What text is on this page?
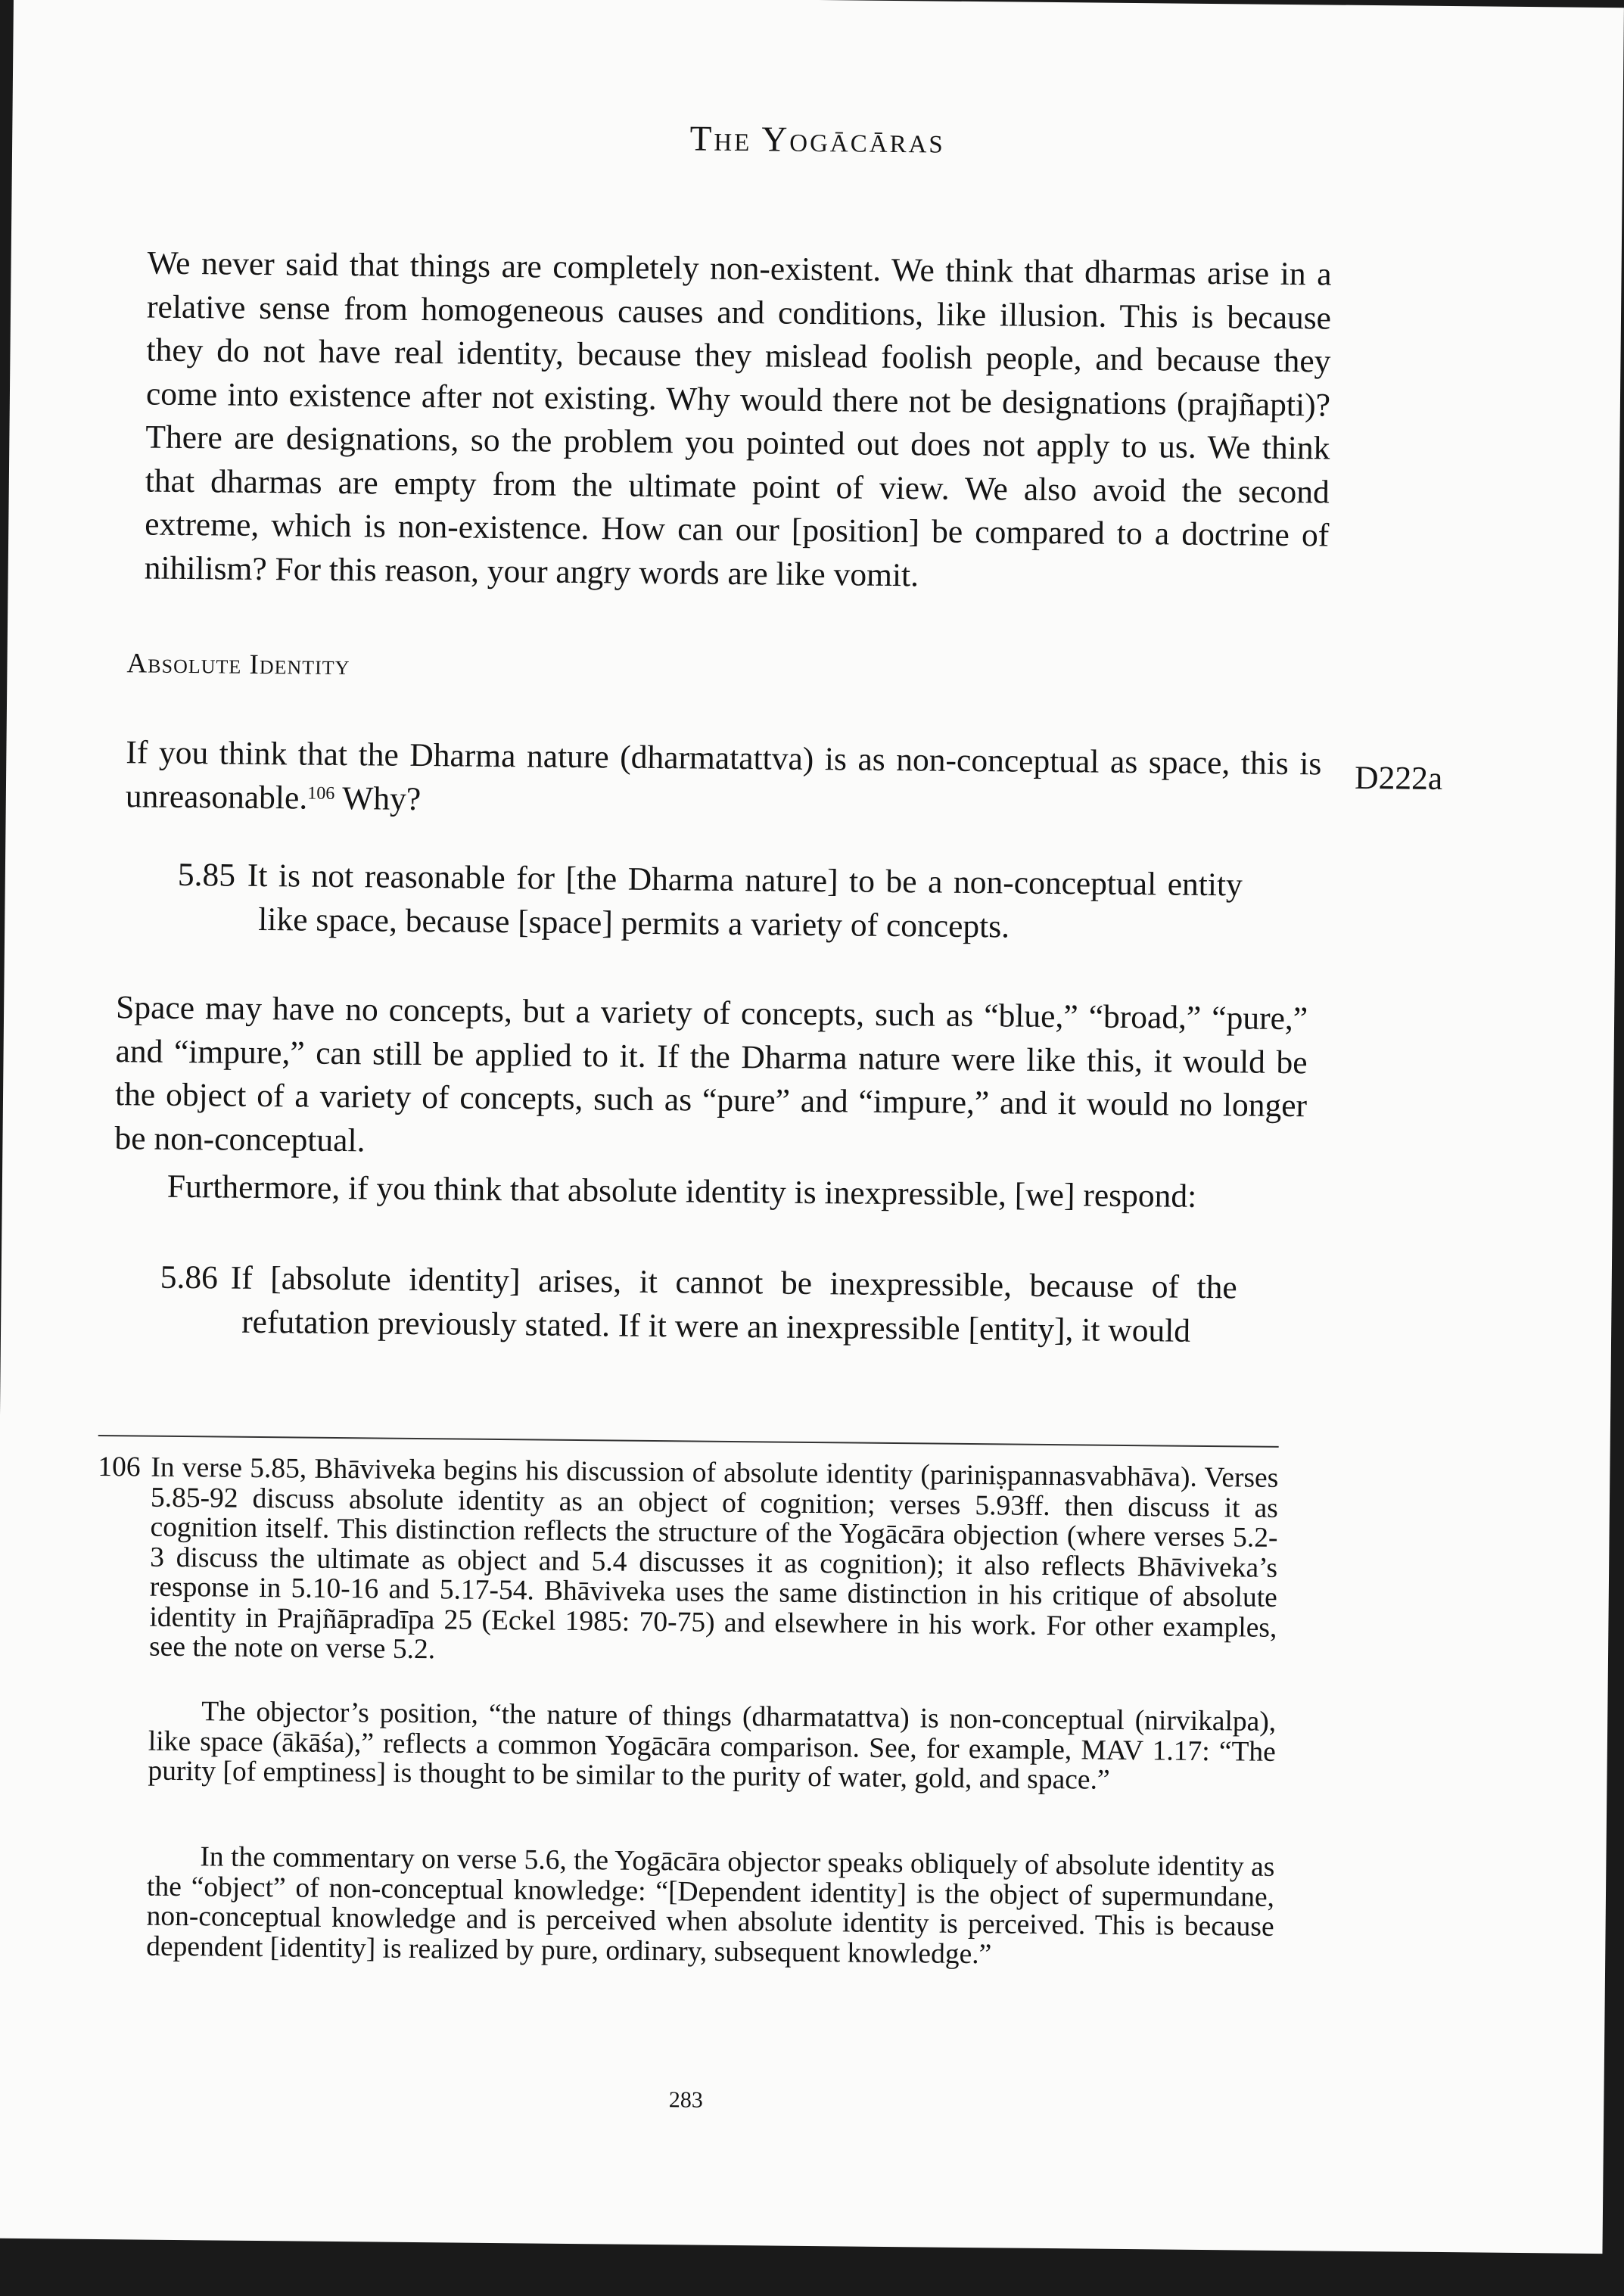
The Yogācāras

We never said that things are completely non-existent. We think that dharmas arise in a relative sense from homogeneous causes and conditions, like illusion. This is because they do not have real identity, because they mislead foolish people, and because they come into existence after not existing. Why would there not be designations (prajñapti)? There are designations, so the problem you pointed out does not apply to us. We think that dharmas are empty from the ultimate point of view. We also avoid the second extreme, which is non-existence. How can our [position] be compared to a doctrine of nihilism? For this reason, your angry words are like vomit.

Absolute Identity

If you think that the Dharma nature (dharmatattva) is as non-conceptual as space, this is unreasonable.$^{106}$ Why?

D222a
5.85 It is not reasonable for [the Dharma nature] to be a non-conceptual entity like space, because [space] permits a variety of concepts.

Space may have no concepts, but a variety of concepts, such as “blue,” “broad,” “pure,” and “impure,” can still be applied to it. If the Dharma nature were like this, it would be the object of a variety of concepts, such as “pure” and “impure,” and it would no longer be non-conceptual.

Furthermore, if you think that absolute identity is inexpressible, [we] respond:

5.86 If [absolute identity] arises, it cannot be inexpressible, because of the refutation previously stated. If it were an inexpressible [entity], it would

106 In verse 5.85, Bhāviveka begins his discussion of absolute identity (pariniṣpannasvabhāva). Verses 5.85-92 discuss absolute identity as an object of cognition; verses 5.93ff. then discuss it as cognition itself. This distinction reflects the structure of the Yogācāra objection (where verses 5.2-3 discuss the ultimate as object and 5.4 discusses it as cognition); it also reflects Bhāviveka’s response in 5.10-16 and 5.17-54. Bhāviveka uses the same distinction in his critique of absolute identity in Prajñāpradīpa 25 (Eckel 1985: 70-75) and elsewhere in his work. For other examples, see the note on verse 5.2.

The objector’s position, “the nature of things (dharmatattva) is non-conceptual (nirvikalpa), like space (ākāśa),” reflects a common Yogācāra comparison. See, for example, MAV 1.17: “The purity [of emptiness] is thought to be similar to the purity of water, gold, and space.”

In the commentary on verse 5.6, the Yogācāra objector speaks obliquely of absolute identity as the “object” of non-conceptual knowledge: “[Dependent identity] is the object of supermundane, non-conceptual knowledge and is perceived when absolute identity is perceived. This is because dependent [identity] is realized by pure, ordinary, subsequent knowledge.”

283
